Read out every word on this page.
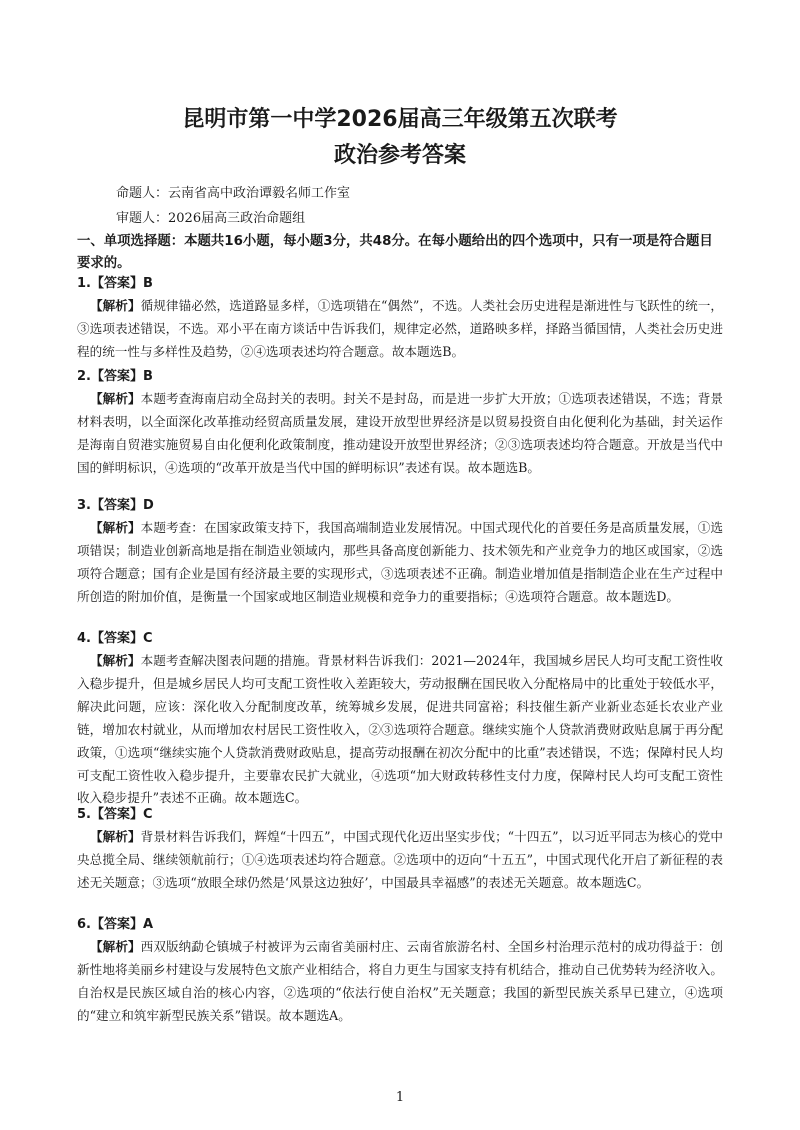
昆明市第一中学2026届高三年级第五次联考
政治参考答案
命题人：云南省高中政治谭毅名师工作室
审题人：2026届高三政治命题组
一、单项选择题：本题共16小题，每小题3分，共48分。在每小题给出的四个选项中，只有一项是符合题目要求的。
1.【答案】B
【解析】循规律锚必然，选道路显多样，①选项错在“偶然”，不选。人类社会历史进程是渐进性与飞跃性的统一，③选项表述错误，不选。邓小平在南方谈话中告诉我们，规律定必然，道路映多样，择路当循国情，人类社会历史进程的统一性与多样性及趋势，②④选项表述均符合题意。故本题选B。
2.【答案】B
【解析】本题考查海南启动全岛封关的表明。封关不是封岛，而是进一步扩大开放；①选项表述错误，不选；背景材料表明，以全面深化改革推动经贸高质量发展，建设开放型世界经济是以贸易投资自由化便利化为基础，封关运作是海南自贸港实施贸易自由化便利化政策制度，推动建设开放型世界经济；②③选项表述均符合题意。开放是当代中国的鲜明标识，④选项的“改革开放是当代中国的鲜明标识”表述有误。故本题选B。
3.【答案】D
【解析】本题考查：在国家政策支持下，我国高端制造业发展情况。中国式现代化的首要任务是高质量发展，①选项错误；制造业创新高地是指在制造业领域内，那些具备高度创新能力、技术领先和产业竞争力的地区或国家，②选项符合题意；国有企业是国有经济最主要的实现形式，③选项表述不正确。制造业增加值是指制造企业在生产过程中所创造的附加价值，是衡量一个国家或地区制造业规模和竞争力的重要指标；④选项符合题意。故本题选D。
4.【答案】C
【解析】本题考查解决图表问题的措施。背景材料告诉我们：2021—2024年，我国城乡居民人均可支配工资性收入稳步提升，但是城乡居民人均可支配工资性收入差距较大，劳动报酬在国民收入分配格局中的比重处于较低水平，解决此问题，应该：深化收入分配制度改革，统筹城乡发展，促进共同富裕；科技催生新产业新业态延长农业产业链，增加农村就业，从而增加农村居民工资性收入，②③选项符合题意。继续实施个人贷款消费财政贴息属于再分配政策，①选项“继续实施个人贷款消费财政贴息，提高劳动报酬在初次分配中的比重”表述错误，不选；保障村民人均可支配工资性收入稳步提升，主要靠农民扩大就业，④选项“加大财政转移性支付力度，保障村民人均可支配工资性收入稳步提升”表述不正确。故本题选C。
5.【答案】C
【解析】背景材料告诉我们，辉煌“十四五”，中国式现代化迈出坚实步伐；“十四五”，以习近平同志为核心的党中央总揽全局、继续领航前行；①④选项表述均符合题意。②选项中的迈向“十五五”，中国式现代化开启了新征程的表述无关题意；③选项“放眼全球仍然是‘风景这边独好’，中国最具幸福感”的表述无关题意。故本题选C。
6.【答案】A
【解析】西双版纳勐仑镇城子村被评为云南省美丽村庄、云南省旅游名村、全国乡村治理示范村的成功得益于：创新性地将美丽乡村建设与发展特色文旅产业相结合，将自力更生与国家支持有机结合，推动自己优势转为经济收入。自治权是民族区域自治的核心内容，②选项的“依法行使自治权”无关题意；我国的新型民族关系早已建立，④选项的“建立和筑牢新型民族关系”错误。故本题选A。
1
